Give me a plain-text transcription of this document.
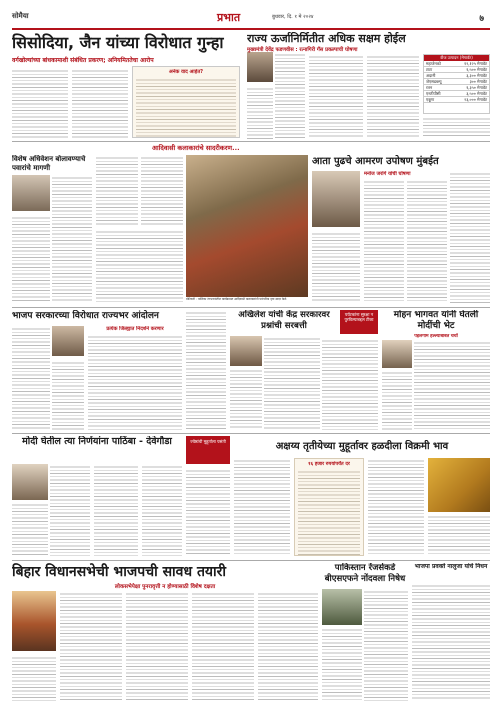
सोमैया	प्रभात	बुधवार, दि. १ मे २०२४	७
सिसोदिया, जैन यांच्या विरोधात गुन्हा
वर्गखोल्यांच्या बांधकामाशी संबंधित प्रकरण; अनियमिततेचा आरोप
अनेक वाद आहेत?
राज्य ऊर्जानिर्मितीत अधिक सक्षम होईल
मुख्यमंत्री देवेंद्र फडणवीस : रत्नागिरी गॅस प्रकल्पाची घोषणा
वीज उत्पादन (मेगावॅट)
महाजेनको	१२,१२५ मेगावॅट
टाटा	१,५०० मेगावॅट
अदानी	३,३०० मेगावॅट
जेएसडब्ल्यू	३०० मेगावॅट
रतन	१,३५० मेगावॅट
एनटीपीसी	३,५०० मेगावॅट
एकूण	२३,००० मेगावॅट
आदिवासी कलाकारांचे सादरीकरण...
विशेष अधिवेशन बोलावण्याचे पवारांचे मागणी
बोरिवली : पालिका रंगभवनांतील कार्यक्रमात आदिवासी कलाकारांनी पारंपरिक नृत्य सादर केले.
आता पुढचे आमरण उपोषण मुंबईत
मनोज जरांगे यांची घोषणा
भाजप सरकारच्या विरोधात राज्यभर आंदोलन
प्रत्येक जिल्ह्यात निदर्शने करणार
अखिलेश यांची केंद्र सरकारवर प्रश्नांची सरबत्ती
पर्यटकांना सुरक्षा न पुरविल्याबद्दल टीका	मोहन भागवत यांनी घेतली मोदींची भेट
पहलगाम हल्ल्याबाबत चर्चा
मोदी घेतील त्या निर्णयांना पाठिंबा - देवेगौडा	ज्येष्ठांची मुहूर्ताला पसंती	अक्षय्य तृतीयेच्या मुहूर्तावर हळदीला विक्रमी भाव
१६ हजार रुपयांपर्यंत दर
बिहार विधानसभेची भाजपची सावध तयारी
लोकसभेपेक्षा पुनरावृत्ती न होण्यासाठी विशेष दक्षता
पाकिस्तान रेंजर्सकडे बीएसएफने नोंदवला निषेध
भाजपा प्रवक्ते नालुजा यांचे निधन
